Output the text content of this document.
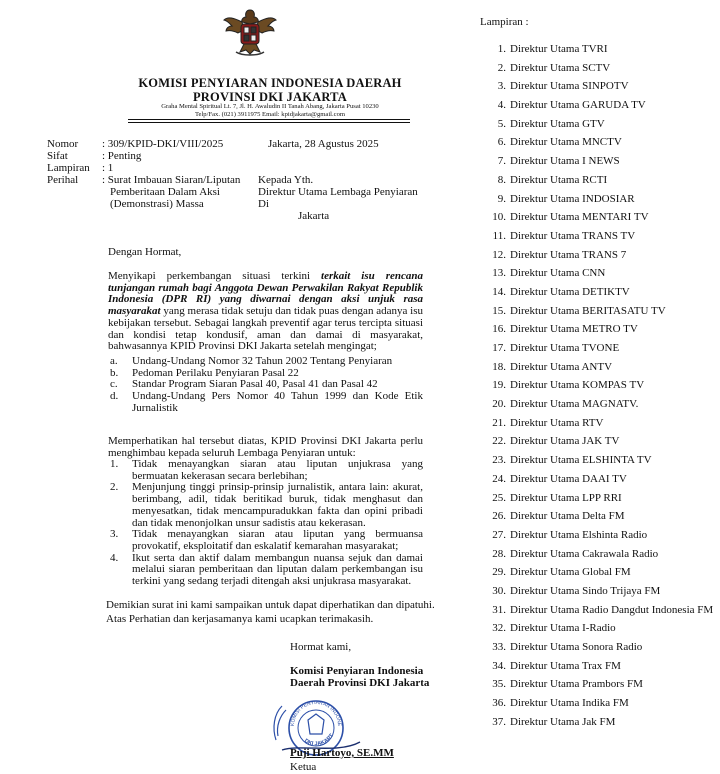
KOMISI PENYIARAN INDONESIA DAERAH
PROVINSI DKI JAKARTA
Graha Mental Spiritual Lt. 7, Jl. H. Awaludin II Tanah Abang, Jakarta Pusat 10230
Telp/Fax. (021) 3911975 Email: kpidjakarta@gmail.com
Nomor : 309/KPID-DKI/VIII/2025
Sifat	: Penting
Lampiran : 1
Perihal : Surat Imbauan Siaran/Liputan
Pemberitaan Dalam Aksi
(Demonstrasi) Massa
Jakarta, 28 Agustus 2025
Kepada Yth.
Direktur Utama Lembaga Penyiaran
Di
Jakarta
Dengan Hormat,
Menyikapi perkembangan situasi terkini terkait isu rencana tunjangan rumah bagi Anggota Dewan Perwakilan Rakyat Republik Indonesia (DPR RI) yang diwarnai dengan aksi unjuk rasa masyarakat yang merasa tidak setuju dan tidak puas dengan adanya isu kebijakan tersebut. Sebagai langkah preventif agar terus tercipta situasi dan kondisi tetap kondusif, aman dan damai di masyarakat, bahwasannya KPID Provinsi DKI Jakarta setelah mengingat;
a. Undang-Undang Nomor 32 Tahun 2002 Tentang Penyiaran
b. Pedoman Perilaku Penyiaran Pasal 22
c. Standar Program Siaran Pasal 40, Pasal 41 dan Pasal 42
d. Undang-Undang Pers Nomor 40 Tahun 1999 dan Kode Etik Jurnalistik
Memperhatikan hal tersebut diatas, KPID Provinsi DKI Jakarta perlu menghimbau kepada seluruh Lembaga Penyiaran untuk:
1. Tidak menayangkan siaran atau liputan unjukrasa yang bermuatan kekerasan secara berlebihan;
2. Menjunjung tinggi prinsip-prinsip jurnalistik, antara lain: akurat, berimbang, adil, tidak beritikad buruk, tidak menghasut dan menyesatkan, tidak mencampuradukkan fakta dan opini pribadi dan tidak menonjolkan unsur sadistis atau kekerasan.
3. Tidak menayangkan siaran atau liputan yang bermuansa provokatif, eksploitatif dan eskalatif kemarahan masyarakat;
4. Ikut serta dan aktif dalam membangun nuansa sejuk dan damai melalui siaran pemberitaan dan liputan dalam perkembangan isu terkini yang sedang terjadi ditengah aksi unjukrasa masyarakat.
Demikian surat ini kami sampaikan untuk dapat diperhatikan dan dipatuhi.
Atas Perhatian dan kerjasamanya kami ucapkan terimakasih.
Hormat kami,
Komisi Penyiaran Indonesia
Daerah Provinsi DKI Jakarta
KOMISI PENYIARAN INDONE
DKI JAKART
Puji Hartoyo, SE.MM
Ketua
Lampiran :
1. Direktur Utama TVRI
2. Direktur Utama SCTV
3. Direktur Utama SINPOTV
4. Direktur Utama GARUDA TV
5. Direktur Utama GTV
6. Direktur Utama MNCTV
7. Direktur Utama I NEWS
8. Direktur Utama RCTI
9. Direktur Utama INDOSIAR
10. Direktur Utama MENTARI TV
11. Direktur Utama TRANS TV
12. Direktur Utama TRANS 7
13. Direktur Utama CNN
14. Direktur Utama DETIKTV
15. Direktur Utama BERITASATU TV
16. Direktur Utama METRO TV
17. Direktur Utama TVONE
18. Direktur Utama ANTV
19. Direktur Utama KOMPAS TV
20. Direktur Utama MAGNATV.
21. Direktur Utama RTV
22. Direktur Utama JAK TV
23. Direktur Utama ELSHINTA TV
24. Direktur Utama DAAI TV
25. Direktur Utama LPP RRI
26. Direktur Utama Delta FM
27. Direktur Utama Elshinta Radio
28. Direktur Utama Cakrawala Radio
29. Direktur Utama Global FM
30. Direktur Utama Sindo Trijaya FM
31. Direktur Utama Radio Dangdut Indonesia FM
32. Direktur Utama I-Radio
33. Direktur Utama Sonora Radio
34. Direktur Utama Trax FM
35. Direktur Utama Prambors FM
36. Direktur Utama Indika FM
37. Direktur Utama Jak FM
